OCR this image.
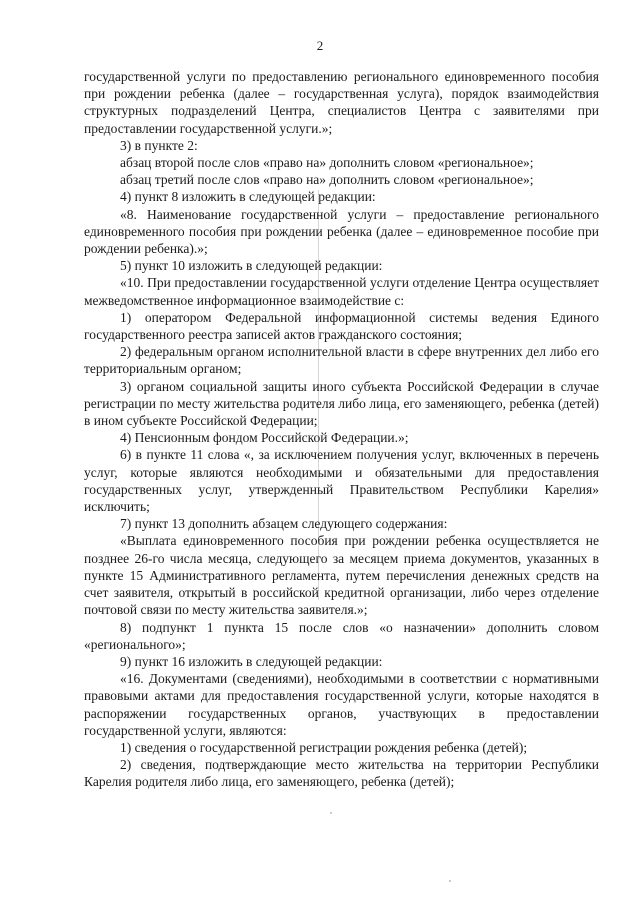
2

государственной услуги по предоставлению регионального единовременного пособия при рождении ребенка (далее – государственная услуга), порядок взаимодействия структурных подразделений Центра, специалистов Центра с заявителями при предоставлении государственной услуги.»;

3) в пункте 2:

абзац второй после слов «право на» дополнить словом «региональное»;

абзац третий после слов «право на» дополнить словом «региональное»;

4) пункт 8 изложить в следующей редакции:

«8. Наименование государственной услуги – предоставление регионального единовременного пособия при рождении ребенка (далее – единовременное пособие при рождении ребенка).»;

5) пункт 10 изложить в следующей редакции:

«10. При предоставлении государственной услуги отделение Центра осуществляет межведомственное информационное взаимодействие с:

1) оператором Федеральной информационной системы ведения Единого государственного реестра записей актов гражданского состояния;

2) федеральным органом исполнительной власти в сфере внутренних дел либо его территориальным органом;

3) органом социальной защиты иного субъекта Российской Федерации в случае регистрации по месту жительства родителя либо лица, его заменяющего, ребенка (детей) в ином субъекте Российской Федерации;

4) Пенсионным фондом Российской Федерации.»;

6) в пункте 11 слова «, за исключением получения услуг, включенных в перечень услуг, которые являются необходимыми и обязательными для предоставления государственных услуг, утвержденный Правительством Республики Карелия» исключить;

7) пункт 13 дополнить абзацем следующего содержания:

«Выплата единовременного пособия при рождении ребенка осуществляется не позднее 26-го числа месяца, следующего за месяцем приема документов, указанных в пункте 15 Административного регламента, путем перечисления денежных средств на счет заявителя, открытый в российской кредитной организации, либо через отделение почтовой связи по месту жительства заявителя.»;

8) подпункт 1 пункта 15 после слов «о назначении» дополнить словом «регионального»;

9) пункт 16 изложить в следующей редакции:

«16. Документами (сведениями), необходимыми в соответствии с нормативными правовыми актами для предоставления государственной услуги, которые находятся в распоряжении государственных органов, участвующих в предоставлении государственной услуги, являются:

1) сведения о государственной регистрации рождения ребенка (детей);

2) сведения, подтверждающие место жительства на территории Республики Карелия родителя либо лица, его заменяющего, ребенка (детей);
